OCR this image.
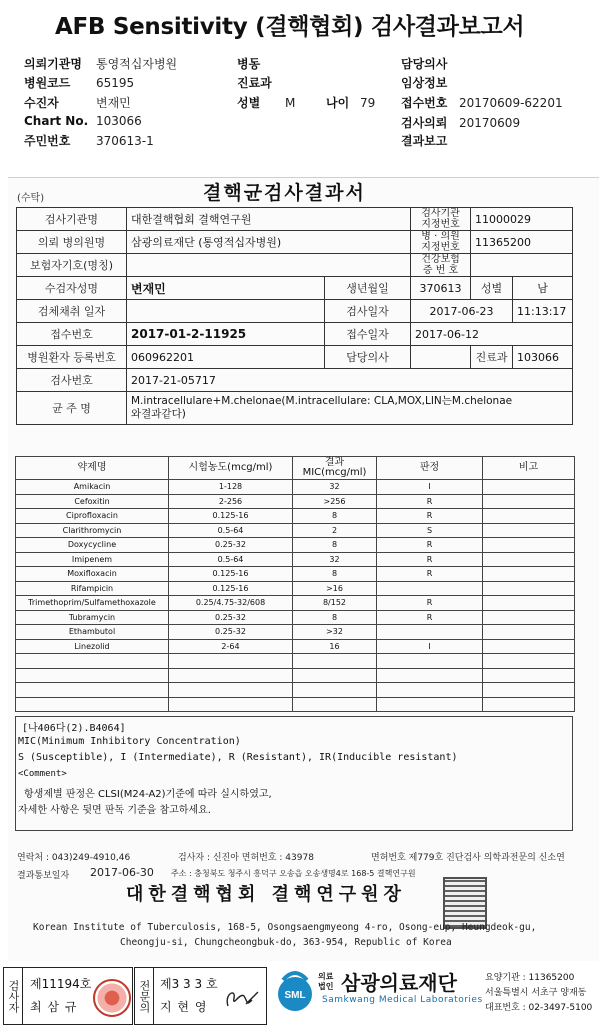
AFB Sensitivity (결핵협회) 검사결과보고서
의뢰기관명 통영적십자병원
병원코드 65195
수진자	변재민
Chart No. 103066
주민번호 370613-1
병동
진료과
성별 M	나이 79
담당의사
임상정보
접수번호 20170609-62201
검사의뢰 20170609
결과보고
(수탁)	결핵균검사결과서
검사기관명	대한결핵협회 결핵연구원		검사기관 지정번호	11000029	
의뢰 병의원명	삼광의료재단 (통영적십자병원)		병 · 의원 지정번호	11365200	
보험자기호(명칭)			건강보험 증 번 호		
수검자성명	변재민	생년월일	370613	성별	남
검체채취 일자		검사일자	2017-06-23		11:13:17
접수번호	2017-01-2-11925	접수일자	2017-06-12		
병원환자 등록번호	060962201	담당의사		진료과	103066
검사번호	2017-21-05717				
균 주 명	M.intracellulare+M.chelonae(M.intracellulare: CLA,MOX,LIN는M.chelonae
와결과같다)				
약제명	시험농도(mcg/ml)	결과 MIC(mcg/ml)	판정	비고
Amikacin	1-128	32	I	
Cefoxitin	2-256	>256	R	
Ciprofloxacin	0.125-16	8	R	
Clarithromycin	0.5-64	2	S	
Doxycycline	0.25-32	8	R	
Imipenem	0.5-64	32	R	
Moxifloxacin	0.125-16	8	R	
Rifampicin	0.125-16	>16		
Trimethoprim/Sulfamethoxazole	0.25/4.75-32/608	8/152	R	
Tubramycin	0.25-32	8	R	
Ethambutol	0.25-32	>32		
Linezolid	2-64	16	I	

[나406다(2).B4064]
MIC(Minimum Inhibitory Concentration)
S (Susceptible), I (Intermediate), R (Resistant), IR(Inducible resistant)
<Comment>
항생제별 판정은 CLSI(M24-A2)기준에 따라 실시하였고,
자세한 사항은 뒷면 판독 기준을 참고하세요.
연락처 : 043)249-4910,46	검사자 : 신진아 면허번호 : 43978	면허번호 제779호 진단검사 의학과전문의 신소연
결과통보일자 2017-06-30 주소 : 충청북도 청주시 흥덕구 오송읍 오송생명4로 168-5 결핵연구원
대한결핵협회 결핵연구원장
Korean Institute of Tuberculosis, 168-5, Osongsaengmyeong 4-ro, Osong-eup, Heungdeok-gu,
Cheongju-si, Chungcheongbuk-do, 363-954, Republic of Korea
검사자 제11194호
최 삼 규	전문의 제3 3 3 호
지 현 영
SML
의료
법인 삼광의료재단
Samkwang Medical Laboratories
요양기관 : 11365200
서울특별시 서초구 양재동
대표번호 : 02-3497-5100
